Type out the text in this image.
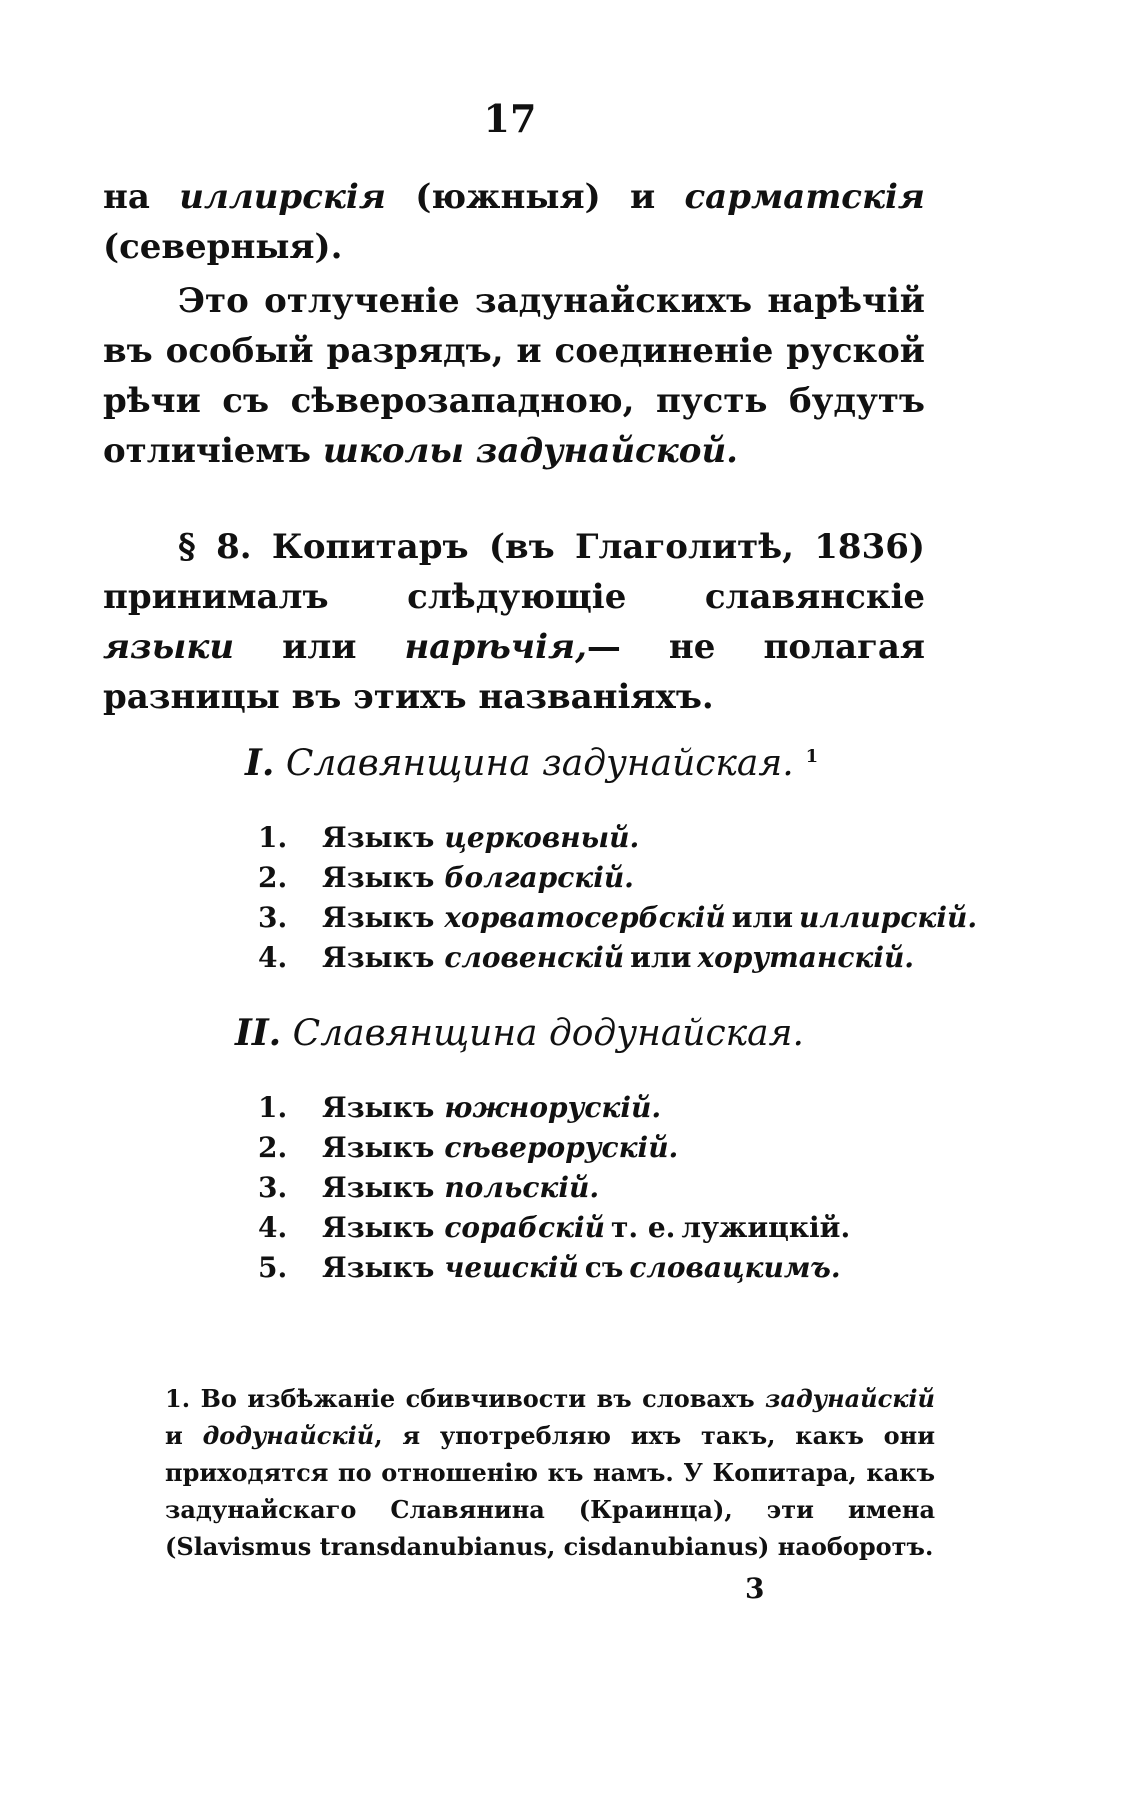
17

на иллирскія (южныя) и сарматскія (северныя).

Это отлученіе задунайскихъ нарѣчій въ особый разрядъ, и соединеніе руской рѣчи съ сѣверозападною, пусть будутъ отличіемъ школы задунайской.

§ 8. Копитаръ (въ Глаголитѣ, 1836) принималъ слѣдующіе славянскіе языки или нарѣчія,— не полагая разницы въ этихъ названіяхъ.

I. Славянщина задунайская. $^1$
1. Языкъ церковный.
2. Языкъ болгарскій.
3. Языкъ хорватосербскій или иллирскій.
4. Языкъ словенскій или хорутанскій.
II. Славянщина додунайская.
1. Языкъ южнорускій.
2. Языкъ сѣверорускій.
3. Языкъ польскій.
4. Языкъ сорабскій т. е. лужицкій.
5. Языкъ чешскій съ словацкимъ.

1. Во избѣжаніе сбивчивости въ словахъ задунайскій и додунайскій, я употребляю ихъ такъ, какъ они приходятся по отношенію къ намъ. У Копитара, какъ задунайскаго Славянина (Краинца), эти имена (Slavismus transdanubianus, cisdanubianus) наоборотъ.

3
